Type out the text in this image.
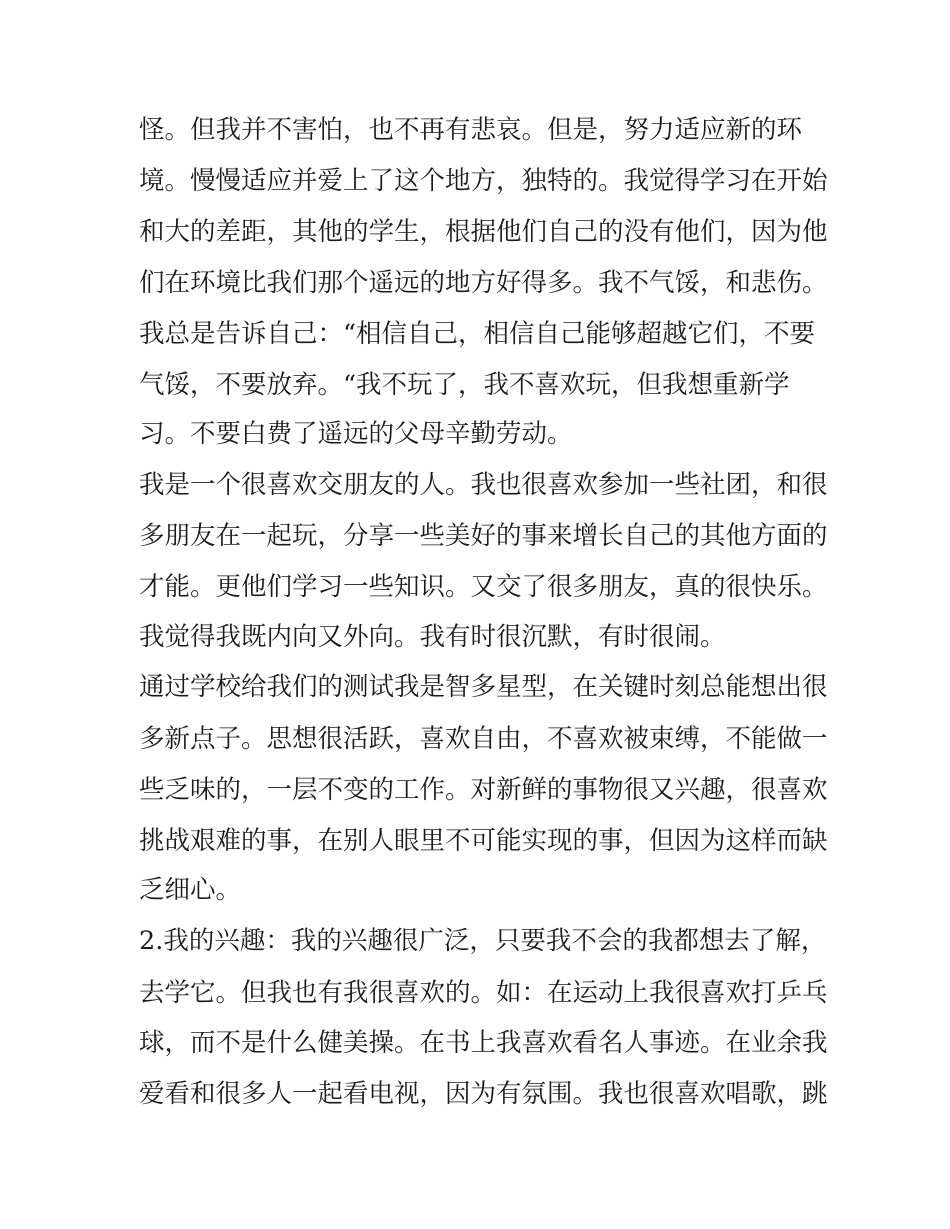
怪。但我并不害怕，也不再有悲哀。但是，努力适应新的环
境。慢慢适应并爱上了这个地方，独特的。我觉得学习在开始
和大的差距，其他的学生，根据他们自己的没有他们，因为他
们在环境比我们那个遥远的地方好得多。我不气馁，和悲伤。
我总是告诉自己：“相信自己，相信自己能够超越它们，不要
气馁，不要放弃。“我不玩了，我不喜欢玩，但我想重新学
习。不要白费了遥远的父母辛勤劳动。
我是一个很喜欢交朋友的人。我也很喜欢参加一些社团，和很
多朋友在一起玩，分享一些美好的事来增长自己的其他方面的
才能。更他们学习一些知识。又交了很多朋友，真的很快乐。
我觉得我既内向又外向。我有时很沉默，有时很闹。
通过学校给我们的测试我是智多星型，在关键时刻总能想出很
多新点子。思想很活跃，喜欢自由，不喜欢被束缚，不能做一
些乏味的，一层不变的工作。对新鲜的事物很又兴趣，很喜欢
挑战艰难的事，在别人眼里不可能实现的事，但因为这样而缺
乏细心。
2.我的兴趣：我的兴趣很广泛，只要我不会的我都想去了解，
去学它。但我也有我很喜欢的。如：在运动上我很喜欢打乒乓
球，而不是什么健美操。在书上我喜欢看名人事迹。在业余我
爱看和很多人一起看电视，因为有氛围。我也很喜欢唱歌，跳
